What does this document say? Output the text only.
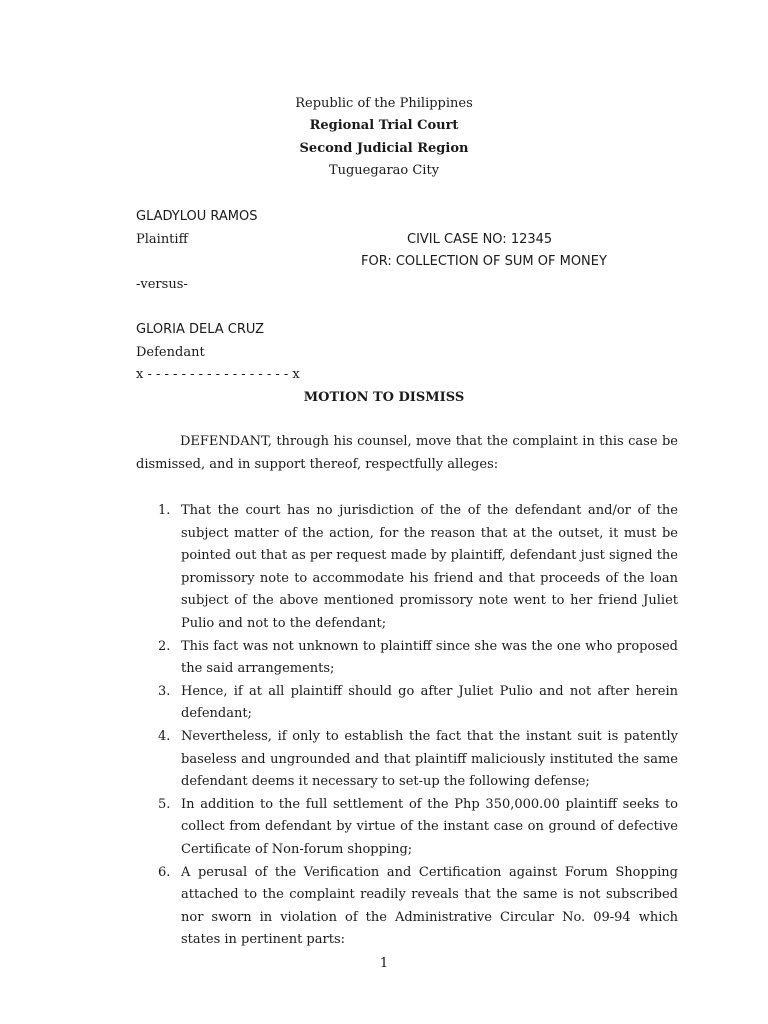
Republic of the Philippines
Regional Trial Court
Second Judicial Region
Tuguegarao City
GLADYLOU RAMOS
Plaintiff	CIVIL CASE NO: 12345
FOR: COLLECTION OF SUM OF MONEY
-versus-
GLORIA DELA CRUZ
Defendant
x - - - - - - - - - - - - - - - - - x
MOTION TO DISMISS

DEFENDANT, through his counsel, move that the complaint in this case be dismissed, and in support thereof, respectfully alleges:

1. That the court has no jurisdiction of the of the defendant and/or of the subject matter of the action, for the reason that at the outset, it must be pointed out that as per request made by plaintiff, defendant just signed the promissory note to accommodate his friend and that proceeds of the loan subject of the above mentioned promissory note went to her friend Juliet Pulio and not to the defendant;
2. This fact was not unknown to plaintiff since she was the one who proposed the said arrangements;
3. Hence, if at all plaintiff should go after Juliet Pulio and not after herein defendant;
4. Nevertheless, if only to establish the fact that the instant suit is patently baseless and ungrounded and that plaintiff maliciously instituted the same defendant deems it necessary to set-up the following defense;
5. In addition to the full settlement of the Php 350,000.00 plaintiff seeks to collect from defendant by virtue of the instant case on ground of defective Certificate of Non-forum shopping;
6. A perusal of the Verification and Certification against Forum Shopping attached to the complaint readily reveals that the same is not subscribed nor sworn in violation of the Administrative Circular No. 09-94 which states in pertinent parts:
1
